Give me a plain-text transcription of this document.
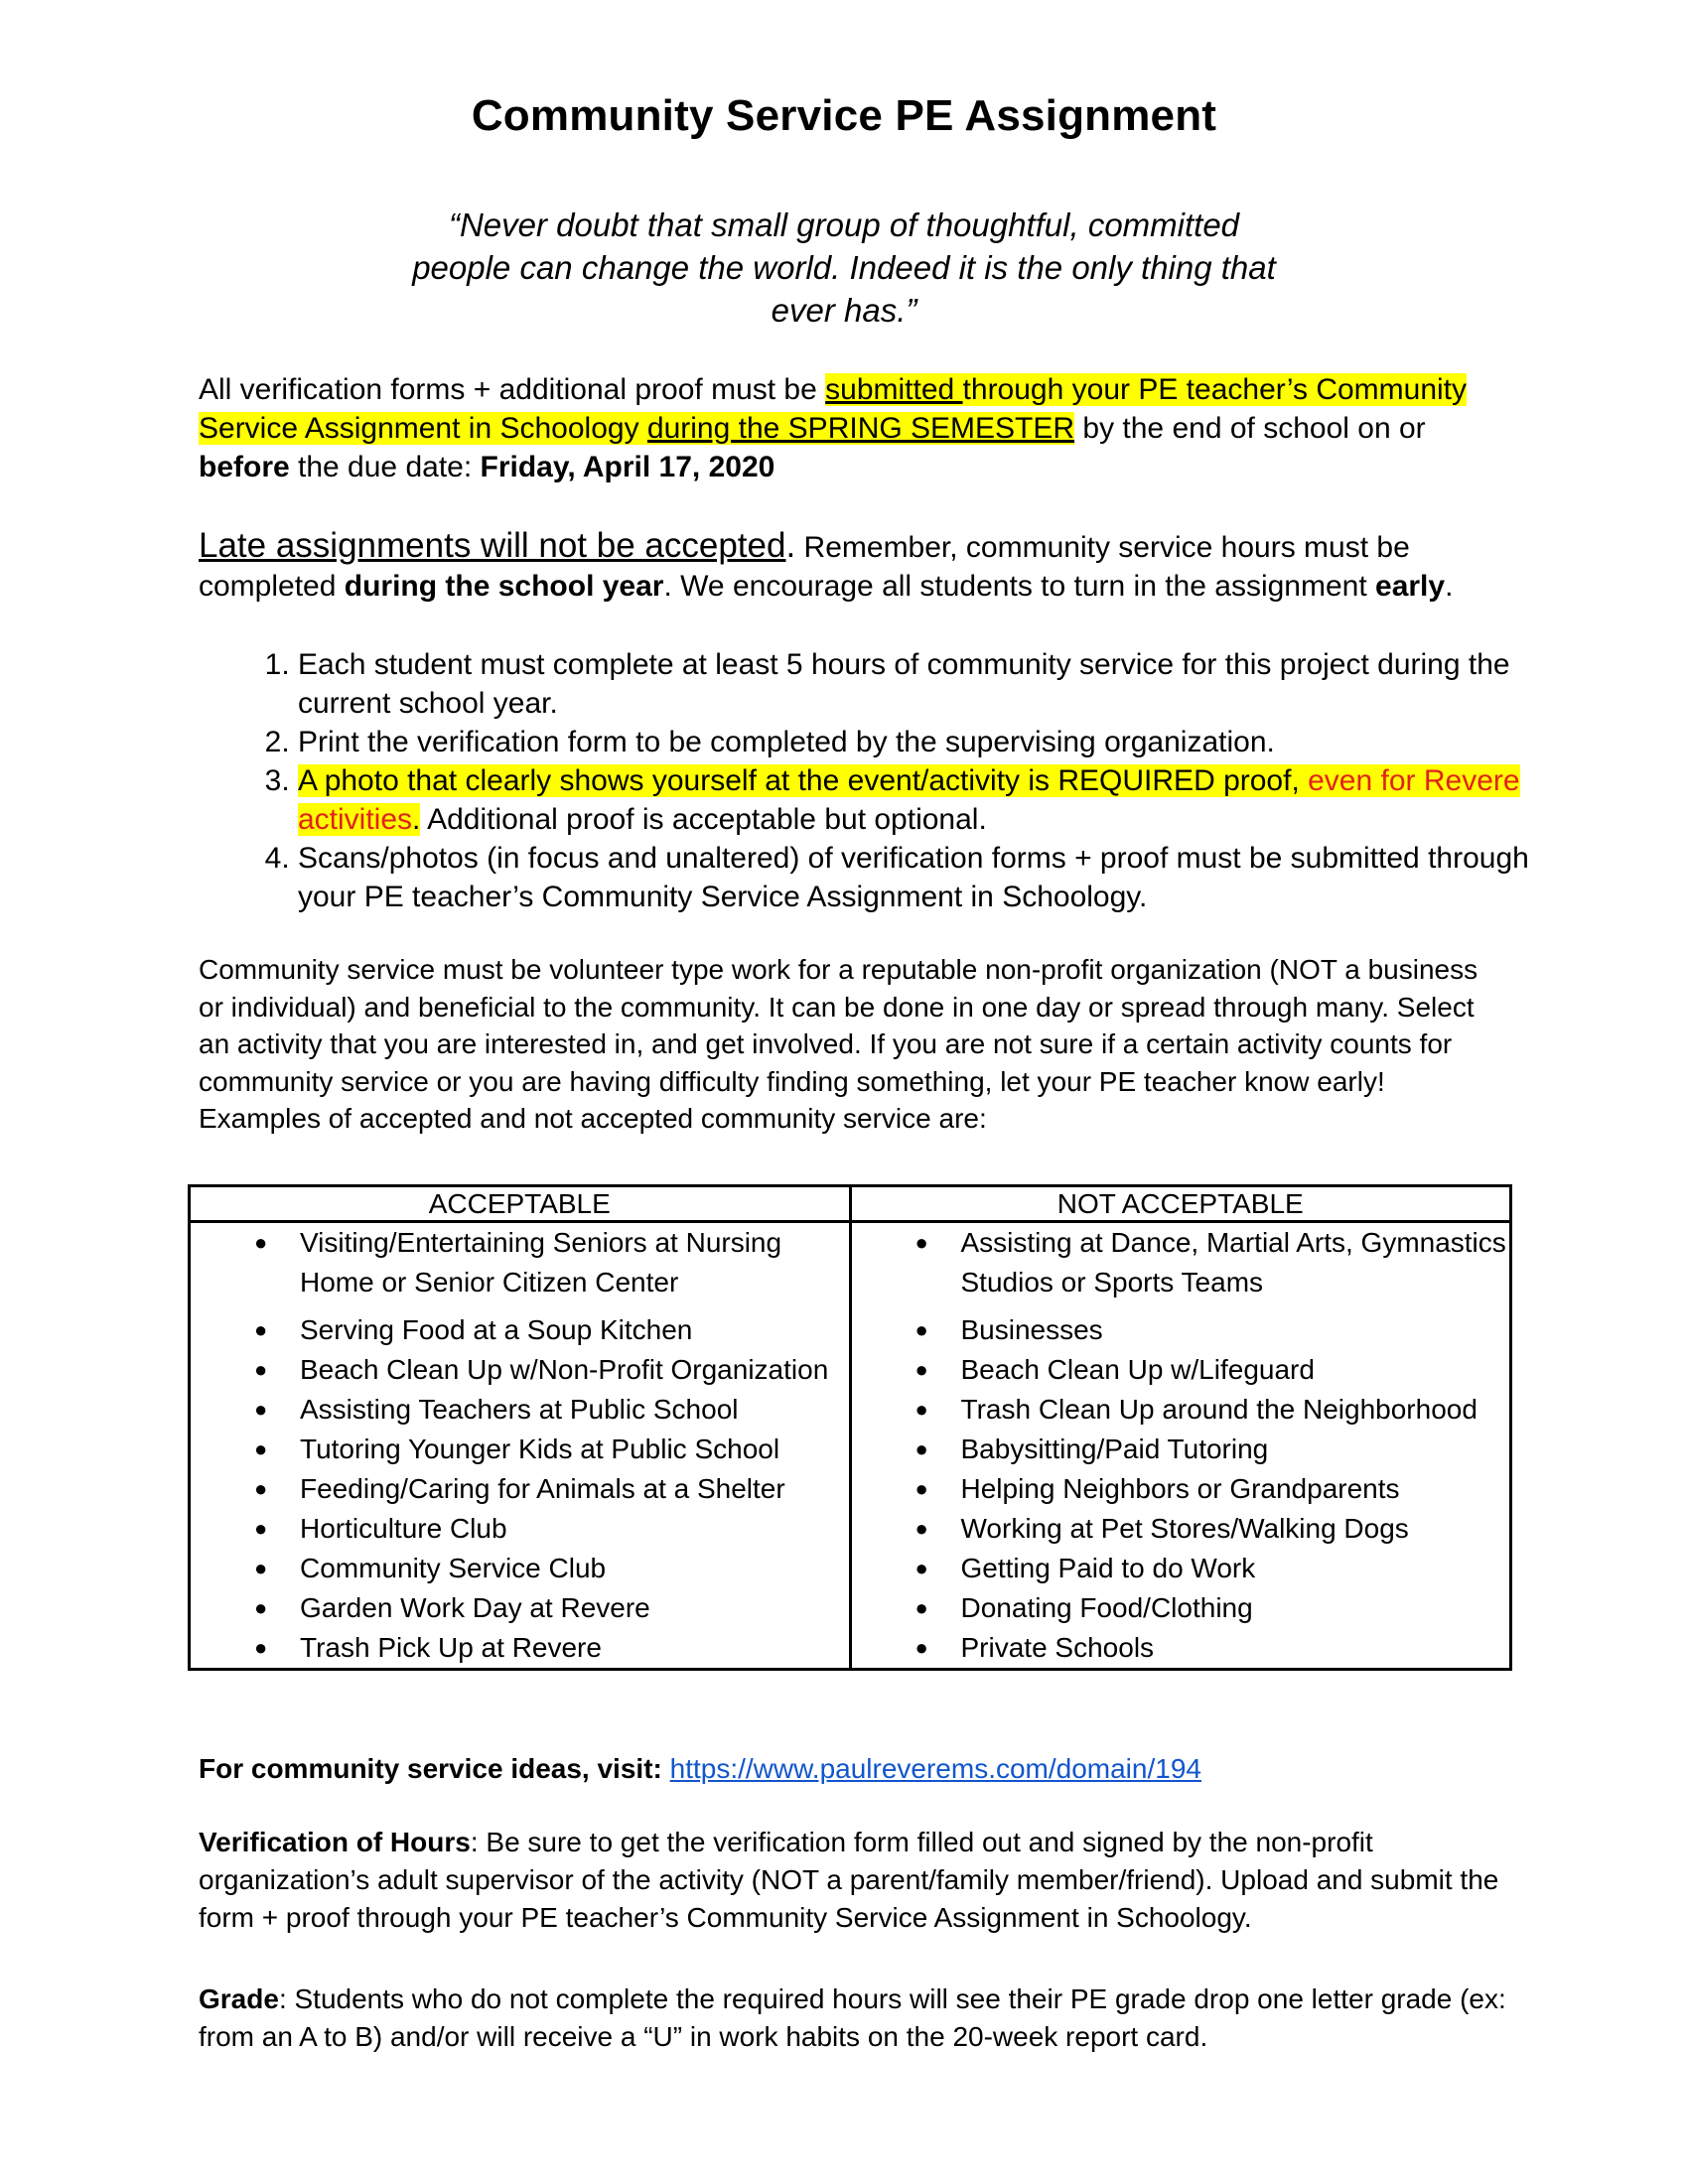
Community Service PE Assignment
“Never doubt that small group of thoughtful, committed people can change the world. Indeed it is the only thing that ever has.”
All verification forms + additional proof must be submitted through your PE teacher’s Community Service Assignment in Schoology during the SPRING SEMESTER by the end of school on or before the due date: Friday, April 17, 2020
Late assignments will not be accepted. Remember, community service hours must be completed during the school year. We encourage all students to turn in the assignment early.
1. Each student must complete at least 5 hours of community service for this project during the current school year.
2. Print the verification form to be completed by the supervising organization.
3. A photo that clearly shows yourself at the event/activity is REQUIRED proof, even for Revere activities. Additional proof is acceptable but optional.
4. Scans/photos (in focus and unaltered) of verification forms + proof must be submitted through your PE teacher’s Community Service Assignment in Schoology.
Community service must be volunteer type work for a reputable non-profit organization (NOT a business or individual) and beneficial to the community. It can be done in one day or spread through many. Select an activity that you are interested in, and get involved. If you are not sure if a certain activity counts for community service or you are having difficulty finding something, let your PE teacher know early! Examples of accepted and not accepted community service are:
ACCEPTABLE	NOT ACCEPTABLE

● Visiting/Entertaining Seniors at Nursing Home or Senior Citizen Center	● Assisting at Dance, Martial Arts, Gymnastics Studios or Sports Teams

● Serving Food at a Soup Kitchen	● Businesses

● Beach Clean Up w/Non-Profit Organization	● Beach Clean Up w/Lifeguard

● Assisting Teachers at Public School	● Trash Clean Up around the Neighborhood

● Tutoring Younger Kids at Public School	● Babysitting/Paid Tutoring

● Feeding/Caring for Animals at a Shelter	● Helping Neighbors or Grandparents

● Horticulture Club	● Working at Pet Stores/Walking Dogs

● Community Service Club	● Getting Paid to do Work

● Garden Work Day at Revere	● Donating Food/Clothing

● Trash Pick Up at Revere	● Private Schools
For community service ideas, visit: https://www.paulreverems.com/domain/194
Verification of Hours: Be sure to get the verification form filled out and signed by the non-profit organization’s adult supervisor of the activity (NOT a parent/family member/friend). Upload and submit the form + proof through your PE teacher’s Community Service Assignment in Schoology.
Grade: Students who do not complete the required hours will see their PE grade drop one letter grade (ex: from an A to B) and/or will receive a “U” in work habits on the 20-week report card.
